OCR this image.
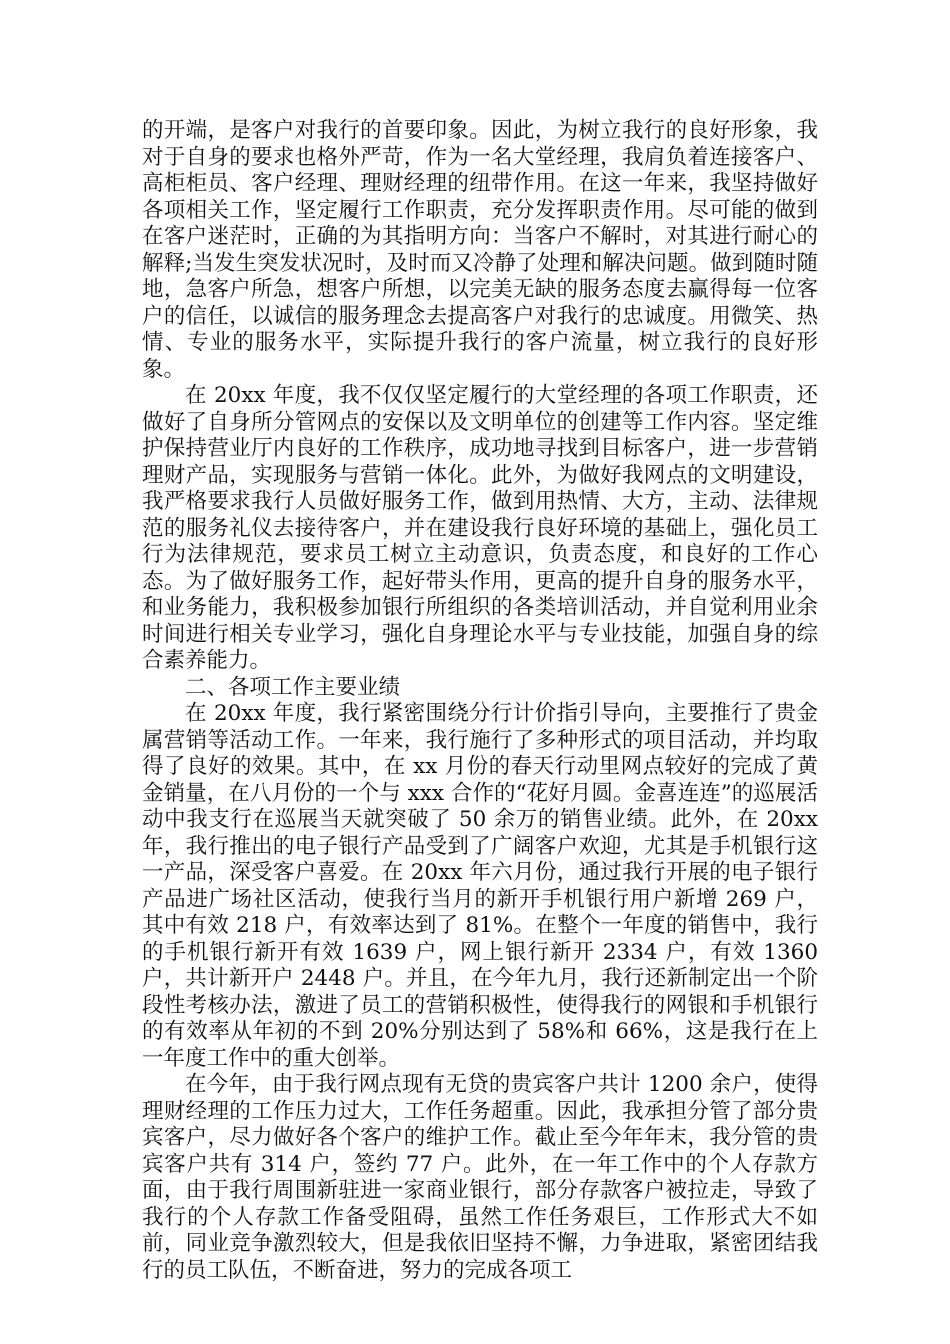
的开端，是客户对我行的首要印象。因此，为树立我行的良好形象，我对于自身的要求也格外严苛，作为一名大堂经理，我肩负着连接客户、高柜柜员、客户经理、理财经理的纽带作用。在这一年来，我坚持做好各项相关工作，坚定履行工作职责，充分发挥职责作用。尽可能的做到在客户迷茫时，正确的为其指明方向：当客户不解时，对其进行耐心的解释;当发生突发状况时，及时而又冷静了处理和解决问题。做到随时随地，急客户所急，想客户所想，以完美无缺的服务态度去赢得每一位客户的信任，以诚信的服务理念去提高客户对我行的忠诚度。用微笑、热情、专业的服务水平，实际提升我行的客户流量，树立我行的良好形象。

在 20xx 年度，我不仅仅坚定履行的大堂经理的各项工作职责，还做好了自身所分管网点的安保以及文明单位的创建等工作内容。坚定维护保持营业厅内良好的工作秩序，成功地寻找到目标客户，进一步营销理财产品，实现服务与营销一体化。此外，为做好我网点的文明建设，我严格要求我行人员做好服务工作，做到用热情、大方，主动、法律规范的服务礼仪去接待客户，并在建设我行良好环境的基础上，强化员工行为法律规范，要求员工树立主动意识，负责态度，和良好的工作心态。为了做好服务工作，起好带头作用，更高的提升自身的服务水平，和业务能力，我积极参加银行所组织的各类培训活动，并自觉利用业余时间进行相关专业学习，强化自身理论水平与专业技能，加强自身的综合素养能力。

二、各项工作主要业绩

在 20xx 年度，我行紧密围绕分行计价指引导向，主要推行了贵金属营销等活动工作。一年来，我行施行了多种形式的项目活动，并均取得了良好的效果。其中，在 xx 月份的春天行动里网点较好的完成了黄金销量，在八月份的一个与 xxx 合作的“花好月圆。金喜连连”的巡展活动中我支行在巡展当天就突破了 50 余万的销售业绩。此外，在 20xx 年，我行推出的电子银行产品受到了广阔客户欢迎，尤其是手机银行这一产品，深受客户喜爱。在 20xx 年六月份，通过我行开展的电子银行产品进广场社区活动，使我行当月的新开手机银行用户新增 269 户，其中有效 218 户，有效率达到了 81%。在整个一年度的销售中，我行的手机银行新开有效 1639 户，网上银行新开 2334 户，有效 1360 户，共计新开户 2448 户。并且，在今年九月，我行还新制定出一个阶段性考核办法，激进了员工的营销积极性，使得我行的网银和手机银行的有效率从年初的不到 20%分别达到了 58%和 66%，这是我行在上一年度工作中的重大创举。

在今年，由于我行网点现有无贷的贵宾客户共计 1200 余户，使得理财经理的工作压力过大，工作任务超重。因此，我承担分管了部分贵宾客户，尽力做好各个客户的维护工作。截止至今年年末，我分管的贵宾客户共有 314 户，签约 77 户。此外，在一年工作中的个人存款方面，由于我行周围新驻进一家商业银行，部分存款客户被拉走，导致了我行的个人存款工作备受阻碍，虽然工作任务艰巨，工作形式大不如前，同业竞争激烈较大，但是我依旧坚持不懈，力争进取，紧密团结我行的员工队伍，不断奋进，努力的完成各项工
